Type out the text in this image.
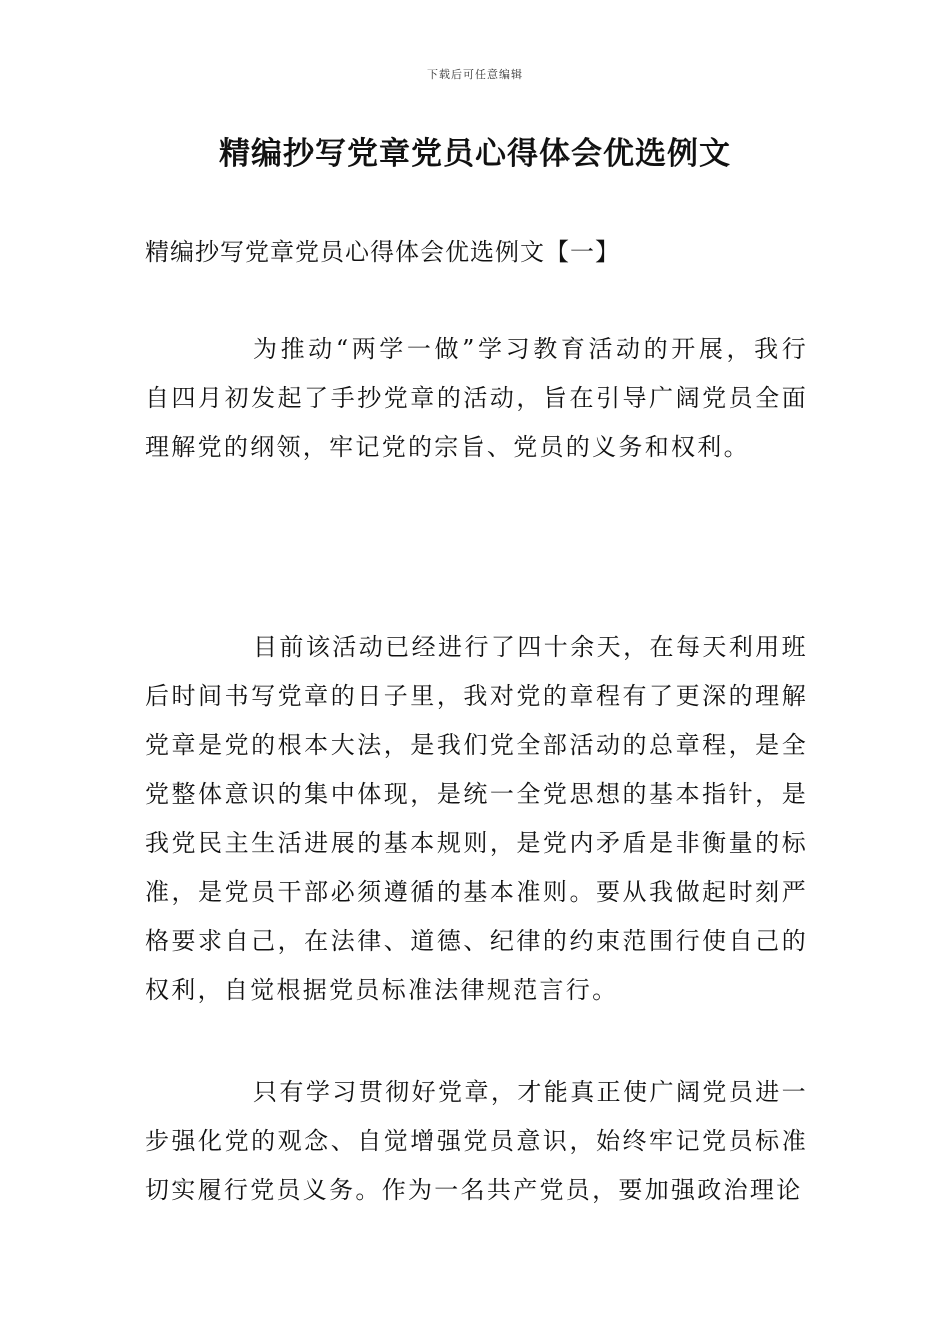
下载后可任意编辑
精编抄写党章党员心得体会优选例文
精编抄写党章党员心得体会优选例文【一】

为推动“两学一做”学习教育活动的开展，我行自四月初发起了手抄党章的活动，旨在引导广阔党员全面理解党的纲领，牢记党的宗旨、党员的义务和权利。

目前该活动已经进行了四十余天，在每天利用班后时间书写党章的日子里，我对党的章程有了更深的理解党章是党的根本大法，是我们党全部活动的总章程，是全党整体意识的集中体现，是统一全党思想的基本指针，是我党民主生活进展的基本规则，是党内矛盾是非衡量的标准，是党员干部必须遵循的基本准则。要从我做起时刻严格要求自己，在法律、道德、纪律的约束范围行使自己的权利，自觉根据党员标准法律规范言行。

只有学习贯彻好党章，才能真正使广阔党员进一步强化党的观念、自觉增强党员意识，始终牢记党员标准切实履行党员义务。作为一名共产党员，要加强政治理论
